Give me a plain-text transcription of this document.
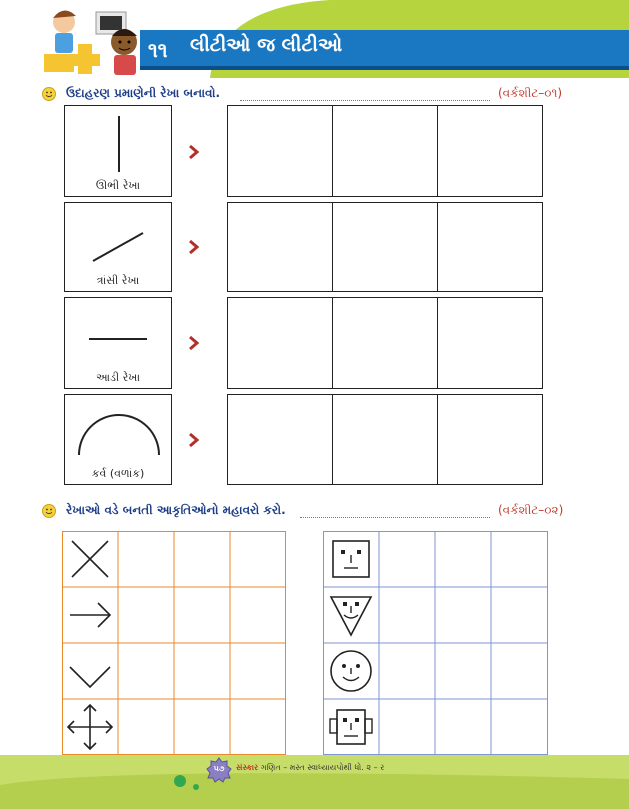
૧૧ લીટીઓ જ લીટીઓ
ઉદાહરણ પ્રમાણેની રેખા બનાવો.	(વર્કશીટ–૦૧)
ઊભી રેખા
ત્રાંસી રેખા
આડી રેખા
કર્વ (વળાંક)
રેખાઓ વડે બનતી આકૃતિઓનો મહાવરો કરો.	(વર્કશીટ–૦૨)
૫૭	સંસ્કાર ગણિત – મસ્ત સ્વાધ્યાયપોથી ધો. ૨ – ર
